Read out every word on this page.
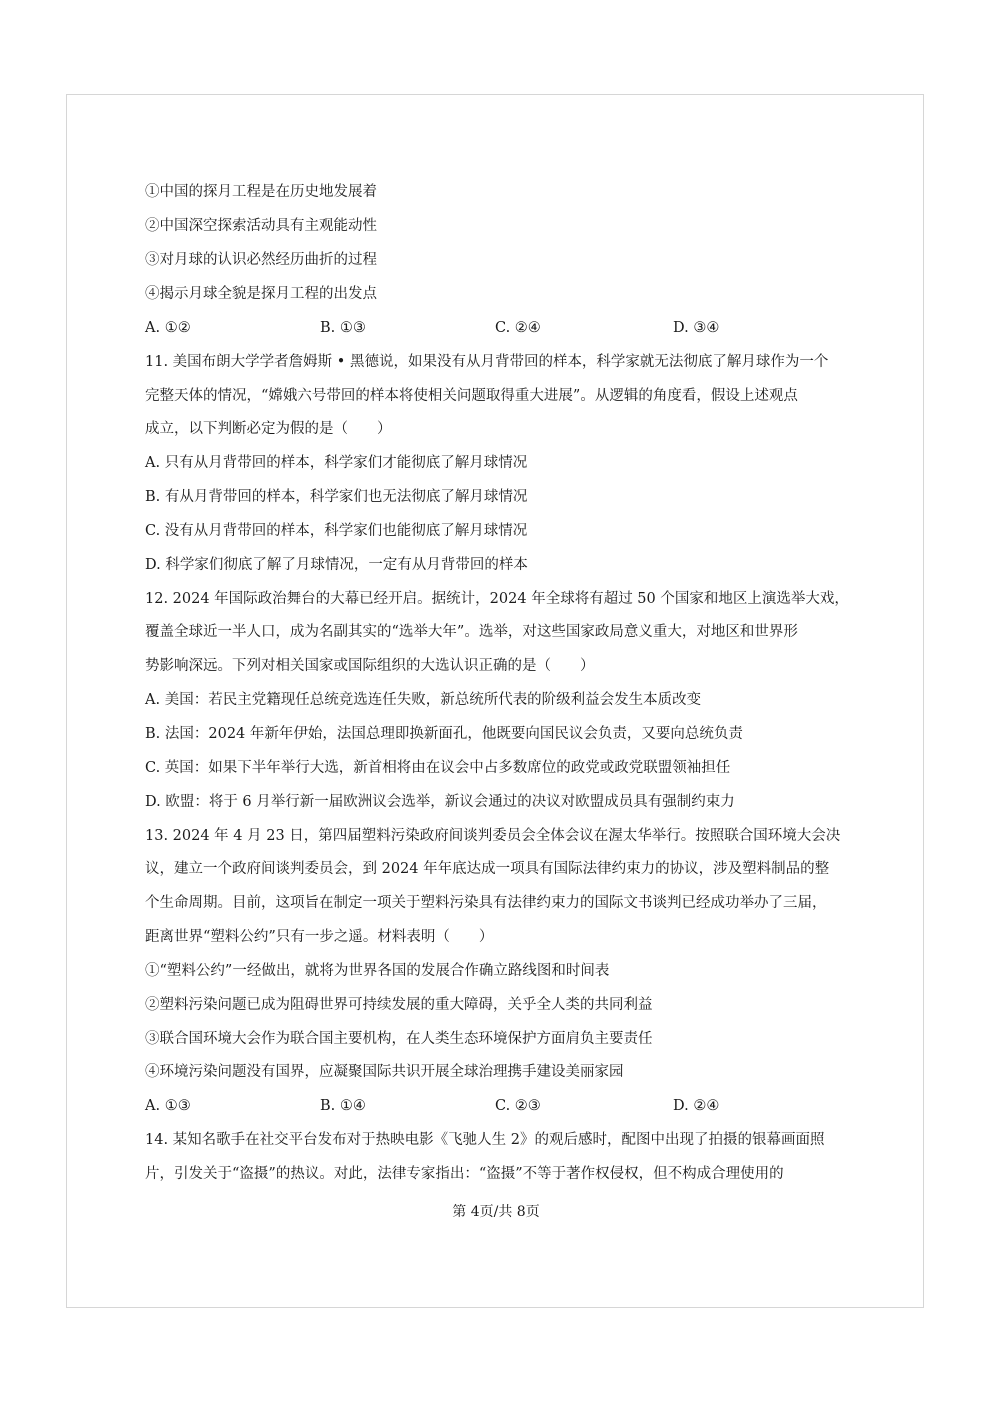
①中国的探月工程是在历史地发展着
②中国深空探索活动具有主观能动性
③对月球的认识必然经历曲折的过程
④揭示月球全貌是探月工程的出发点
A. ①②	B. ①③	C. ②④	D. ③④
11. 美国布朗大学学者詹姆斯 • 黑德说，如果没有从月背带回的样本，科学家就无法彻底了解月球作为一个
完整天体的情况，“嫦娥六号带回的样本将使相关问题取得重大进展”。从逻辑的角度看，假设上述观点
成立，以下判断必定为假的是（　　）
A. 只有从月背带回的样本，科学家们才能彻底了解月球情况
B. 有从月背带回的样本，科学家们也无法彻底了解月球情况
C. 没有从月背带回的样本，科学家们也能彻底了解月球情况
D. 科学家们彻底了解了月球情况，一定有从月背带回的样本
12. 2024 年国际政治舞台的大幕已经开启。据统计，2024 年全球将有超过 50 个国家和地区上演选举大戏，
覆盖全球近一半人口，成为名副其实的“选举大年”。选举，对这些国家政局意义重大，对地区和世界形
势影响深远。下列对相关国家或国际组织的大选认识正确的是（　　）
A. 美国：若民主党籍现任总统竞选连任失败，新总统所代表的阶级利益会发生本质改变
B. 法国：2024 年新年伊始，法国总理即换新面孔，他既要向国民议会负责，又要向总统负责
C. 英国：如果下半年举行大选，新首相将由在议会中占多数席位的政党或政党联盟领袖担任
D. 欧盟：将于 6 月举行新一届欧洲议会选举，新议会通过的决议对欧盟成员具有强制约束力
13. 2024 年 4 月 23 日，第四届塑料污染政府间谈判委员会全体会议在渥太华举行。按照联合国环境大会决
议，建立一个政府间谈判委员会，到 2024 年年底达成一项具有国际法律约束力的协议，涉及塑料制品的整
个生命周期。目前，这项旨在制定一项关于塑料污染具有法律约束力的国际文书谈判已经成功举办了三届，
距离世界“塑料公约”只有一步之遥。材料表明（　　）
①“塑料公约”一经做出，就将为世界各国的发展合作确立路线图和时间表
②塑料污染问题已成为阻碍世界可持续发展的重大障碍，关乎全人类的共同利益
③联合国环境大会作为联合国主要机构，在人类生态环境保护方面肩负主要责任
④环境污染问题没有国界，应凝聚国际共识开展全球治理携手建设美丽家园
A. ①③	B. ①④	C. ②③	D. ②④
14. 某知名歌手在社交平台发布对于热映电影《飞驰人生 2》的观后感时，配图中出现了拍摄的银幕画面照
片，引发关于“盗摄”的热议。对此，法律专家指出：“盗摄”不等于著作权侵权，但不构成合理使用的
第 4页/共 8页
